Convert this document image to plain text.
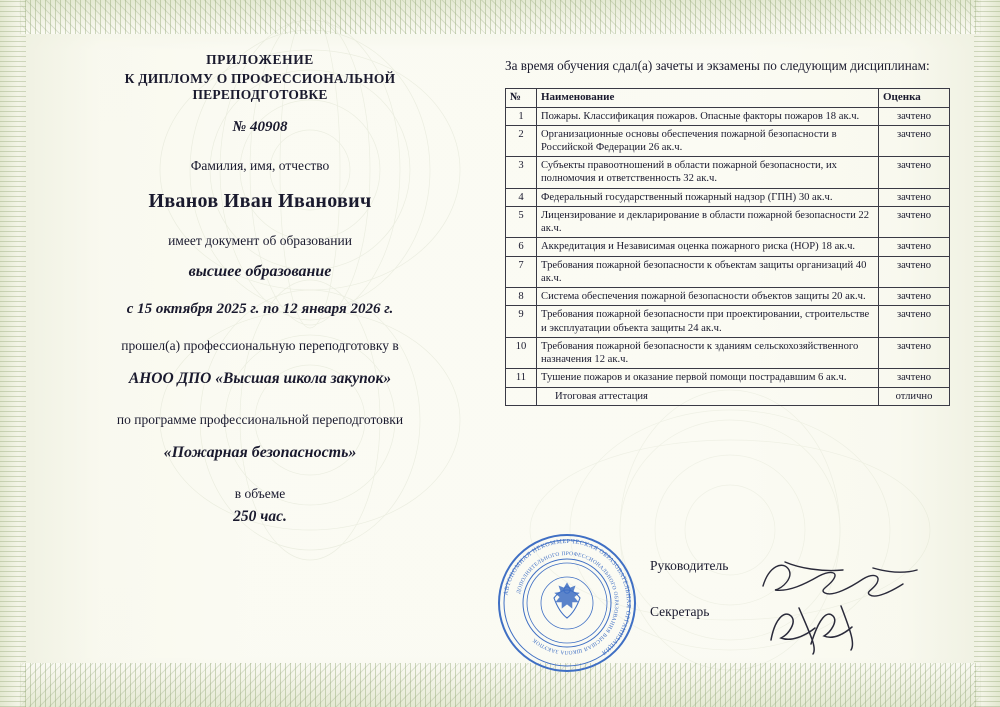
ПРИЛОЖЕНИЕ
К ДИПЛОМУ О ПРОФЕССИОНАЛЬНОЙ ПЕРЕПОДГОТОВКЕ
№ 40908
Фамилия, имя, отчество
Иванов Иван Иванович
имеет документ об образовании
высшее образование
с 15 октября 2025 г. по 12 января 2026 г.
прошел(а) профессиональную переподготовку в
АНОО ДПО «Высшая школа закупок»
по программе профессиональной переподготовки
«Пожарная безопасность»
в объеме
250 час.
За время обучения сдал(а) зачеты и экзамены по следующим дисциплинам:
№	Наименование	Оценка
1	Пожары. Классификация пожаров. Опасные факторы пожаров 18 ак.ч.	зачтено
2	Организационные основы обеспечения пожарной безопасности в Российской Федерации 26 ак.ч.	зачтено
3	Субъекты правоотношений в области пожарной безопасности, их полномочия и ответственность 32 ак.ч.	зачтено
4	Федеральный государственный пожарный надзор (ГПН) 30 ак.ч.	зачтено
5	Лицензирование и декларирование в области пожарной безопасности 22 ак.ч.	зачтено
6	Аккредитация и Независимая оценка пожарного риска (НОР) 18 ак.ч.	зачтено
7	Требования пожарной безопасности к объектам защиты организаций 40 ак.ч.	зачтено
8	Система обеспечения пожарной безопасности объектов защиты 20 ак.ч.	зачтено
9	Требования пожарной безопасности при проектировании, строительстве и эксплуатации объекта защиты 24 ак.ч.	зачтено
10	Требования пожарной безопасности к зданиям сельскохозяйственного назначения 12 ак.ч.	зачтено
11	Тушение пожаров и оказание первой помощи пострадавшим 6 ак.ч.	зачтено
	Итоговая аттестация	отлично
АВТОНОМНАЯ НЕКОММЕРЧЕСКАЯ ОБРАЗОВАТЕЛЬНАЯ ОРГАНИЗАЦИЯ
ДОПОЛНИТЕЛЬНОГО ПРОФЕССИОНАЛЬНОГО ОБРАЗОВАНИЯ ВЫСШАЯ ШКОЛА ЗАКУПОК
Руководитель
Секретарь
